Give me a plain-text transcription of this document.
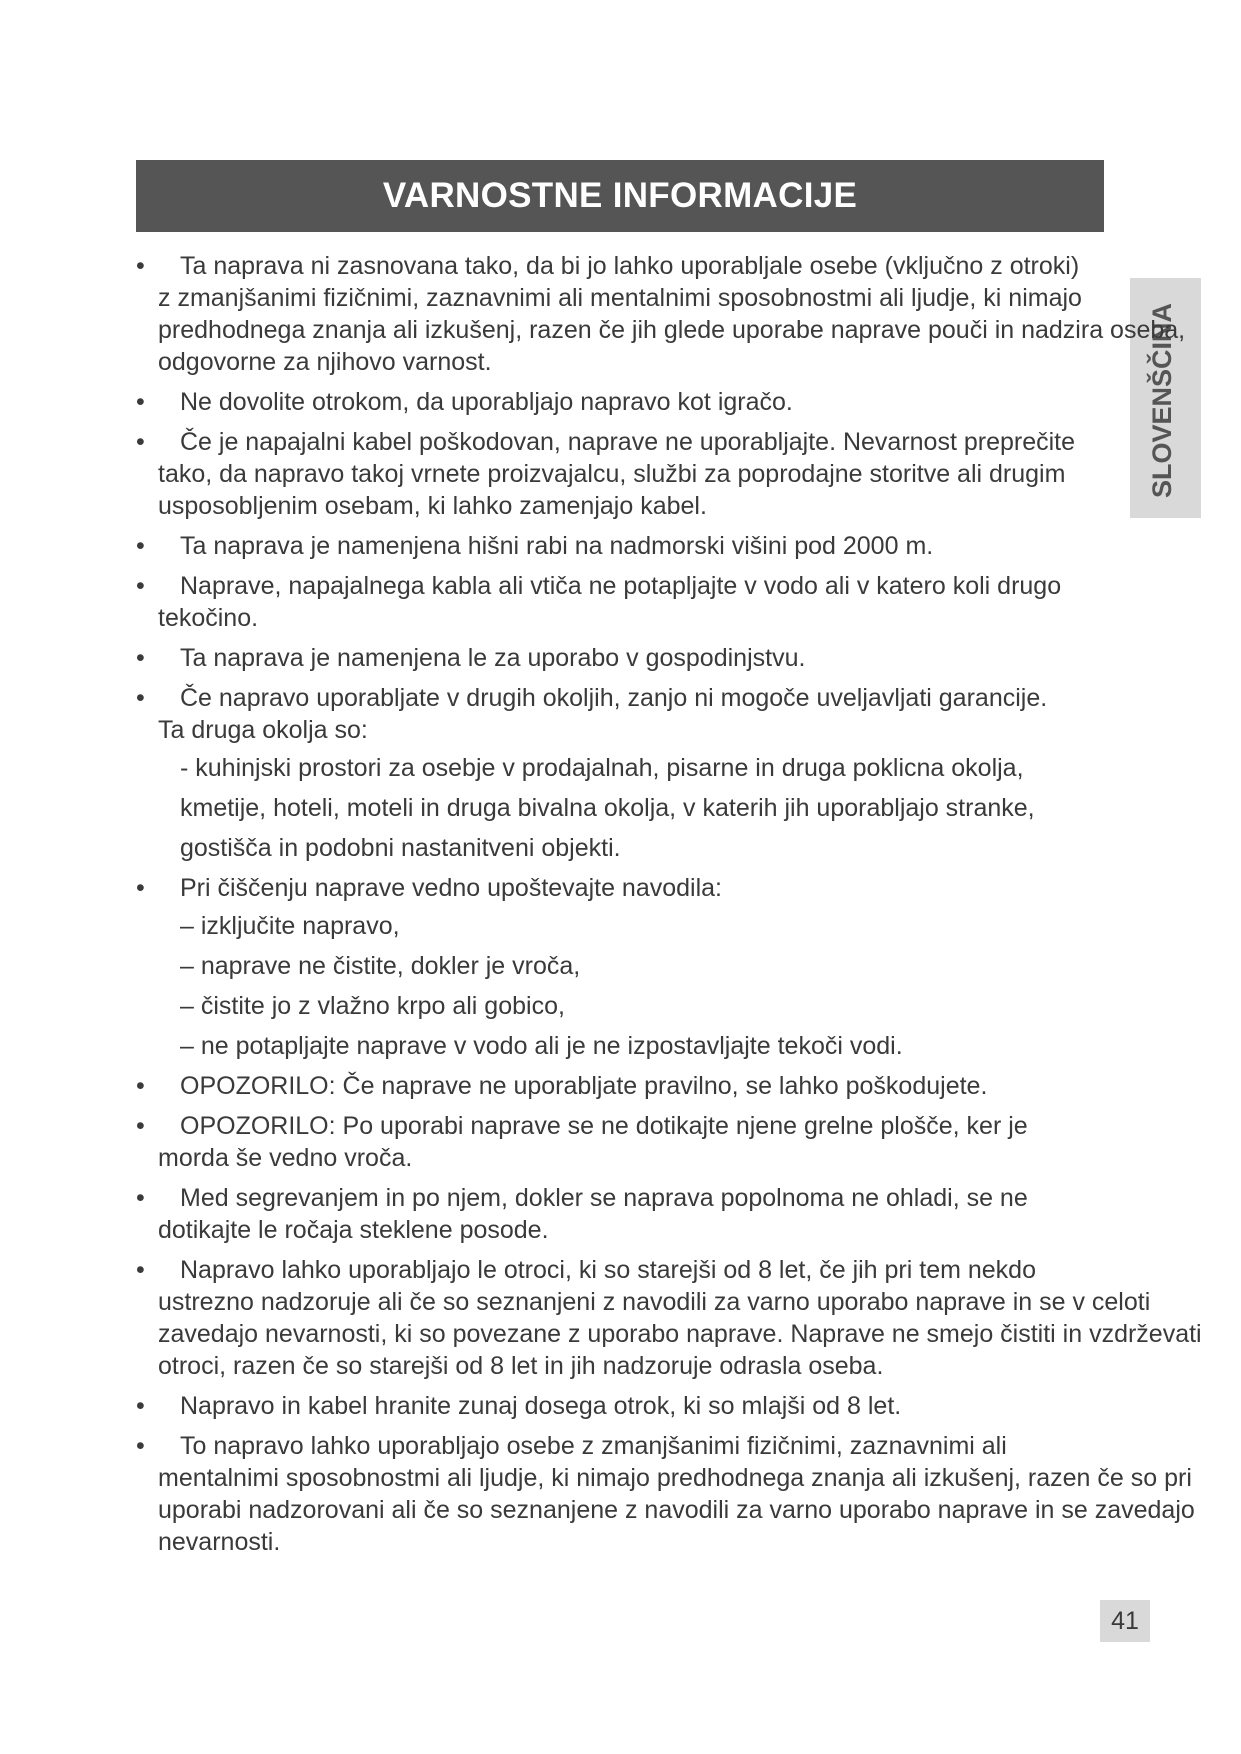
VARNOSTNE INFORMACIJE
SLOVENŠČINA
•	Ta naprava ni zasnovana tako, da bi jo lahko uporabljale osebe (vključno z otroki)

z zmanjšanimi fizičnimi, zaznavnimi ali mentalnimi sposobnostmi ali ljudje, ki nimajo predhodnega znanja ali izkušenj, razen če jih glede uporabe naprave pouči in nadzira oseba, odgovorne za njihovo varnost.

•	Ne dovolite otrokom, da uporabljajo napravo kot igračo.

•	Če je napajalni kabel poškodovan, naprave ne uporabljajte. Nevarnost preprečite

tako, da napravo takoj vrnete proizvajalcu, službi za poprodajne storitve ali drugim usposobljenim osebam, ki lahko zamenjajo kabel.

•	Ta naprava je namenjena hišni rabi na nadmorski višini pod 2000 m.

•	Naprave, napajalnega kabla ali vtiča ne potapljajte v vodo ali v katero koli drugo

tekočino.

•	Ta naprava je namenjena le za uporabo v gospodinjstvu.

•	Če napravo uporabljate v drugih okoljih, zanjo ni mogoče uveljavljati garancije.

Ta druga okolja so:

- kuhinjski prostori za osebje v prodajalnah, pisarne in druga poklicna okolja,
kmetije, hoteli, moteli in druga bivalna okolja, v katerih jih uporabljajo stranke,
gostišča in podobni nastanitveni objekti.
•	Pri čiščenju naprave vedno upoštevajte navodila:

– izključite napravo,
– naprave ne čistite, dokler je vroča,
– čistite jo z vlažno krpo ali gobico,
– ne potapljajte naprave v vodo ali je ne izpostavljajte tekoči vodi.
•	OPOZORILO: Če naprave ne uporabljate pravilno, se lahko poškodujete.

•	OPOZORILO: Po uporabi naprave se ne dotikajte njene grelne plošče, ker je

morda še vedno vroča.

•	Med segrevanjem in po njem, dokler se naprava popolnoma ne ohladi, se ne

dotikajte le ročaja steklene posode.

•	Napravo lahko uporabljajo le otroci, ki so starejši od 8 let, če jih pri tem nekdo

ustrezno nadzoruje ali če so seznanjeni z navodili za varno uporabo naprave in se v celoti zavedajo nevarnosti, ki so povezane z uporabo naprave. Naprave ne smejo čistiti in vzdrževati otroci, razen če so starejši od 8 let in jih nadzoruje odrasla oseba.

•	Napravo in kabel hranite zunaj dosega otrok, ki so mlajši od 8 let.

•	To napravo lahko uporabljajo osebe z zmanjšanimi fizičnimi, zaznavnimi ali

mentalnimi sposobnostmi ali ljudje, ki nimajo predhodnega znanja ali izkušenj, razen če so pri uporabi nadzorovani ali če so seznanjene z navodili za varno uporabo naprave in se zavedajo nevarnosti.

41
